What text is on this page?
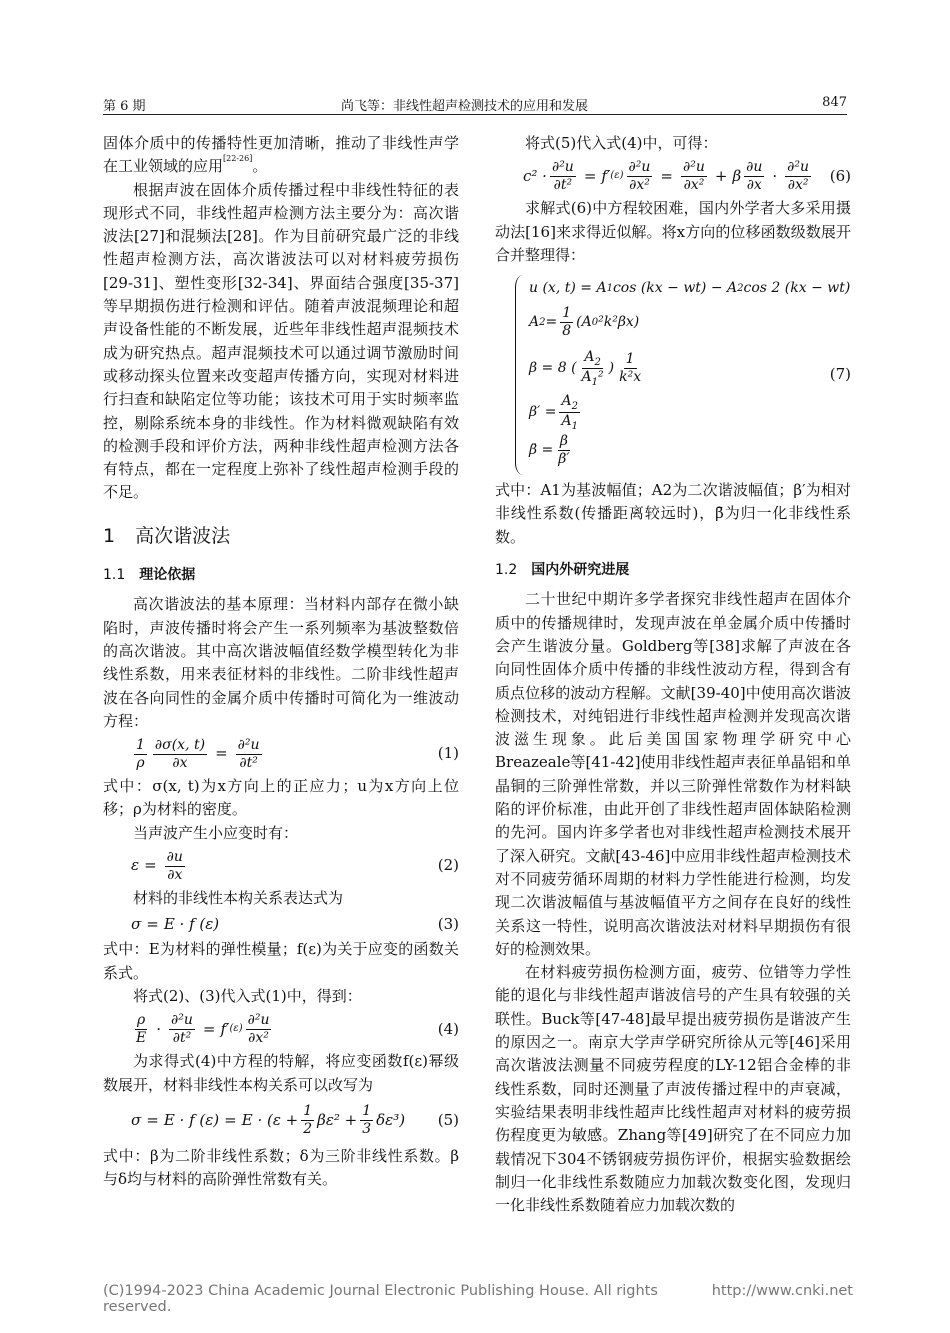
第 6 期	尚飞等：非线性超声检测技术的应用和发展	847

固体介质中的传播特性更加清晰，推动了非线性声学在工业领域的应用[22-26]。

根据声波在固体介质传播过程中非线性特征的表现形式不同，非线性超声检测方法主要分为：高次谐波法[27]和混频法[28]。作为目前研究最广泛的非线性超声检测方法，高次谐波法可以对材料疲劳损伤[29-31]、塑性变形[32-34]、界面结合强度[35-37]等早期损伤进行检测和评估。随着声波混频理论和超声设备性能的不断发展，近些年非线性超声混频技术成为研究热点。超声混频技术可以通过调节激励时间或移动探头位置来改变超声传播方向，实现对材料进行扫查和缺陷定位等功能；该技术可用于实时频率监控，剔除系统本身的非线性。作为材料微观缺陷有效的检测手段和评价方法，两种非线性超声检测方法各有特点，都在一定程度上弥补了线性超声检测手段的不足。

1 高次谐波法
1.1 理论依据

高次谐波法的基本原理：当材料内部存在微小缺陷时，声波传播时将会产生一系列频率为基波整数倍的高次谐波。其中高次谐波幅值经数学模型转化为非线性系数，用来表征材料的非线性。二阶非线性超声波在各向同性的金属介质中传播时可简化为一维波动方程：

$\frac{1}{\rho} \frac{\partial\sigma(x, t)}{\partial x} = \frac{\text{∂²u}}{\text{∂t²}}$	(1)

式中：σ(x, t)为x方向上的正应力；u为x方向上位移；ρ为材料的密度。

当声波产生小应变时有：

$\varepsilon = \frac{\partial u}{\partial x}$	(2)

材料的非线性本构关系表达式为

σ = E · f (ε)	(3)

式中：E为材料的弹性模量；f(ε)为关于应变的函数关系式。

将式(2)、(3)代入式(1)中，得到：

$\frac{\rho}{E} \cdot \frac{\text{∂²u}}{\text{∂t²}} = f'$ $(\varepsilon) \frac{\text{∂²u}}{\text{∂x²}}$	(4)

为求得式(4)中方程的特解，将应变函数f(ε)幂级数展开，材料非线性本构关系可以改写为

σ = E · f $(\varepsilon) = E \cdot (\varepsilon + \frac{1}{2} \beta\varepsilon^2 + \frac{1}{3} \delta\varepsilon^3)$ (5)

式中：β为二阶非线性系数；δ为三阶非线性系数。β与δ均与材料的高阶弹性常数有关。

将式(5)代入式(4)中，可得：

$c^2 \cdot \frac{\text{∂²u}}{\text{∂t²}} = f'$ $(\varepsilon) \frac{\text{∂²u}}{\text{∂x²}} = \frac{\text{∂²u}}{\text{∂x²}} + \beta \frac{\partial u}{\partial x} \cdot \frac{\text{∂²u}}{\text{∂x²}} (6)$

求解式(6)中方程较困难，国内外学者大多采用摄动法[16]来求得近似解。将x方向的位移函数级数展开合并整理得：

u (x, t) = A 1 cos (kx − wt) − A 2 cos 2 (kx − wt)
A $2 = \frac{1}{8} (A$ 0 ²k²βx)
β = 8 ( $\frac{A_2}{A_1^2}$ ) $\frac{1}{\text{k²x}}$
$\beta' = \frac{A_2}{A_1}$
β̄ = $\frac{\beta}{\beta'}$
(7)

式中：A1为基波幅值；A2为二次谐波幅值；β′为相对非线性系数(传播距离较远时)，β̄为归一化非线性系数。

1.2 国内外研究进展

二十世纪中期许多学者探究非线性超声在固体介质中的传播规律时，发现声波在单金属介质中传播时会产生谐波分量。Goldberg等[38]求解了声波在各向同性固体介质中传播的非线性波动方程，得到含有质点位移的波动方程解。文献[39-40]中使用高次谐波检测技术，对纯铝进行非线性超声检测并发现高次谐波滋生现象。此后美国国家物理学研究中心Breazeale等[41-42]使用非线性超声表征单晶铝和单晶铜的三阶弹性常数，并以三阶弹性常数作为材料缺陷的评价标准，由此开创了非线性超声固体缺陷检测的先河。国内许多学者也对非线性超声检测技术展开了深入研究。文献[43-46]中应用非线性超声检测技术对不同疲劳循环周期的材料力学性能进行检测，均发现二次谐波幅值与基波幅值平方之间存在良好的线性关系这一特性，说明高次谐波法对材料早期损伤有很好的检测效果。

在材料疲劳损伤检测方面，疲劳、位错等力学性能的退化与非线性超声谐波信号的产生具有较强的关联性。Buck等[47-48]最早提出疲劳损伤是谐波产生的原因之一。南京大学声学研究所徐从元等[46]采用高次谐波法测量不同疲劳程度的LY-12铝合金棒的非线性系数，同时还测量了声波传播过程中的声衰减，实验结果表明非线性超声比线性超声对材料的疲劳损伤程度更为敏感。Zhang等[49]研究了在不同应力加载情况下304不锈钢疲劳损伤评价，根据实验数据绘制归一化非线性系数随应力加载次数变化图，发现归一化非线性系数随着应力加载次数的

(C)1994-2023 China Academic Journal Electronic Publishing House. All rights reserved.
http://www.cnki.net
